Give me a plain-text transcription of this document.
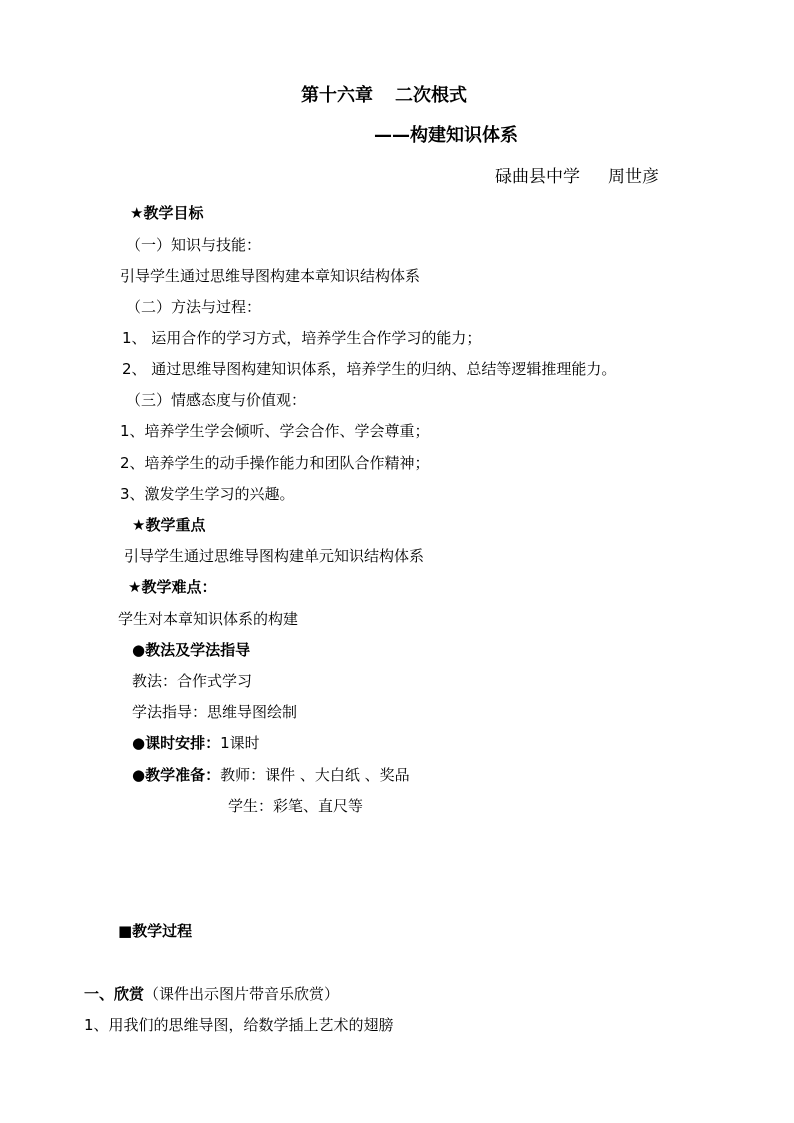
第十六章 二次根式
——构建知识体系
碌曲县中学 周世彦
★教学目标
（一）知识与技能：
引导学生通过思维导图构建本章知识结构体系
（二）方法与过程：
1、 运用合作的学习方式，培养学生合作学习的能力；
2、 通过思维导图构建知识体系，培养学生的归纳、总结等逻辑推理能力。
（三）情感态度与价值观：
1、培养学生学会倾听、学会合作、学会尊重；
2、培养学生的动手操作能力和团队合作精神；
3、激发学生学习的兴趣。
★教学重点
引导学生通过思维导图构建单元知识结构体系
★教学难点：
学生对本章知识体系的构建
●教法及学法指导
教法：合作式学习
学法指导：思维导图绘制
●课时安排：1课时
●教学准备：教师：课件 、大白纸 、奖品
学生：彩笔、直尺等
■教学过程
一、欣赏（课件出示图片带音乐欣赏）
1、用我们的思维导图，给数学插上艺术的翅膀
